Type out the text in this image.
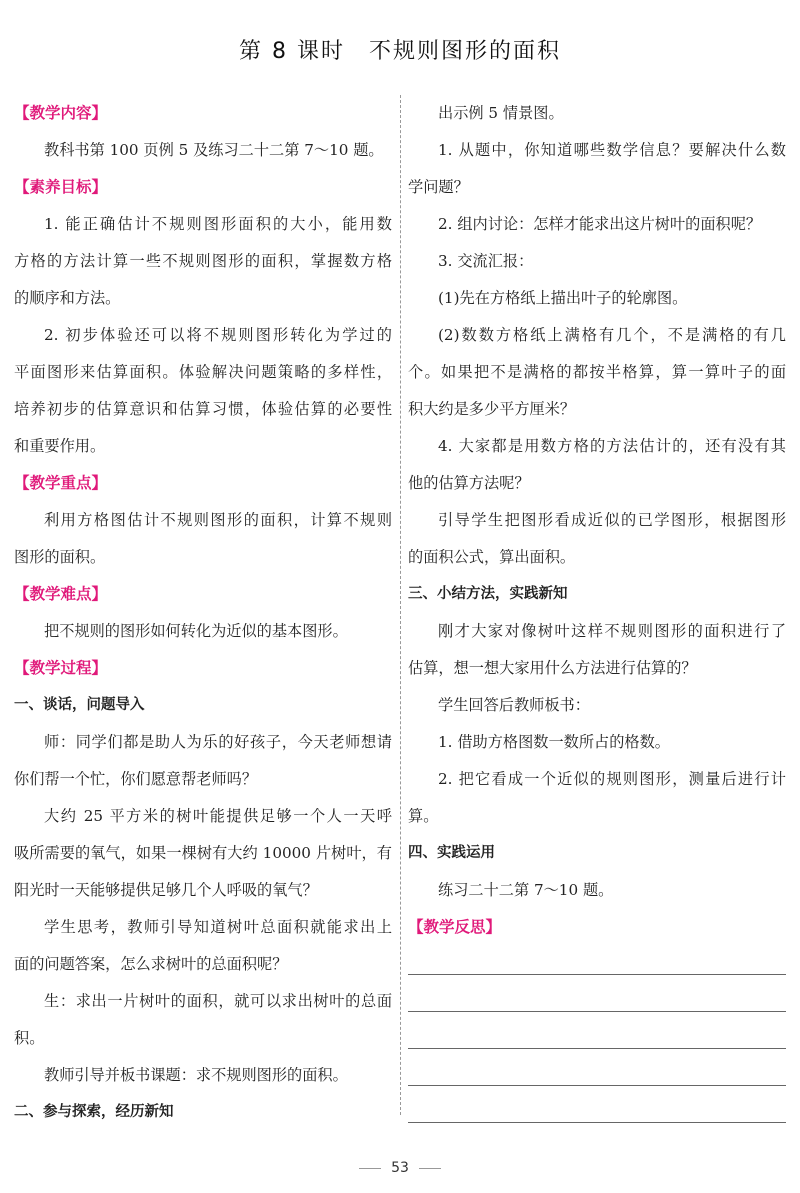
第 8 课时　不规则图形的面积
【教学内容】
教科书第 100 页例 5 及练习二十二第 7～10 题。
【素养目标】
1. 能正确估计不规则图形面积的大小，能用数
方格的方法计算一些不规则图形的面积，掌握数方格
的顺序和方法。
2. 初步体验还可以将不规则图形转化为学过的
平面图形来估算面积。体验解决问题策略的多样性，
培养初步的估算意识和估算习惯，体验估算的必要性
和重要作用。
【教学重点】
利用方格图估计不规则图形的面积，计算不规则
图形的面积。
【教学难点】
把不规则的图形如何转化为近似的基本图形。
【教学过程】
一、谈话，问题导入
师：同学们都是助人为乐的好孩子，今天老师想请
你们帮一个忙，你们愿意帮老师吗？
大约 25 平方米的树叶能提供足够一个人一天呼
吸所需要的氧气，如果一棵树有大约 10000 片树叶，有
阳光时一天能够提供足够几个人呼吸的氧气？
学生思考，教师引导知道树叶总面积就能求出上
面的问题答案，怎么求树叶的总面积呢？
生：求出一片树叶的面积，就可以求出树叶的总面
积。
教师引导并板书课题：求不规则图形的面积。
二、参与探索，经历新知
出示例 5 情景图。
1. 从题中，你知道哪些数学信息？要解决什么数
学问题？
2. 组内讨论：怎样才能求出这片树叶的面积呢？
3. 交流汇报：
(1)先在方格纸上描出叶子的轮廓图。
(2)数数方格纸上满格有几个，不是满格的有几
个。如果把不是满格的都按半格算，算一算叶子的面
积大约是多少平方厘米？
4. 大家都是用数方格的方法估计的，还有没有其
他的估算方法呢？
引导学生把图形看成近似的已学图形，根据图形
的面积公式，算出面积。
三、小结方法，实践新知
刚才大家对像树叶这样不规则图形的面积进行了
估算，想一想大家用什么方法进行估算的？
学生回答后教师板书：
1. 借助方格图数一数所占的格数。
2. 把它看成一个近似的规则图形，测量后进行计
算。
四、实践运用
练习二十二第 7～10 题。
【教学反思】
53
